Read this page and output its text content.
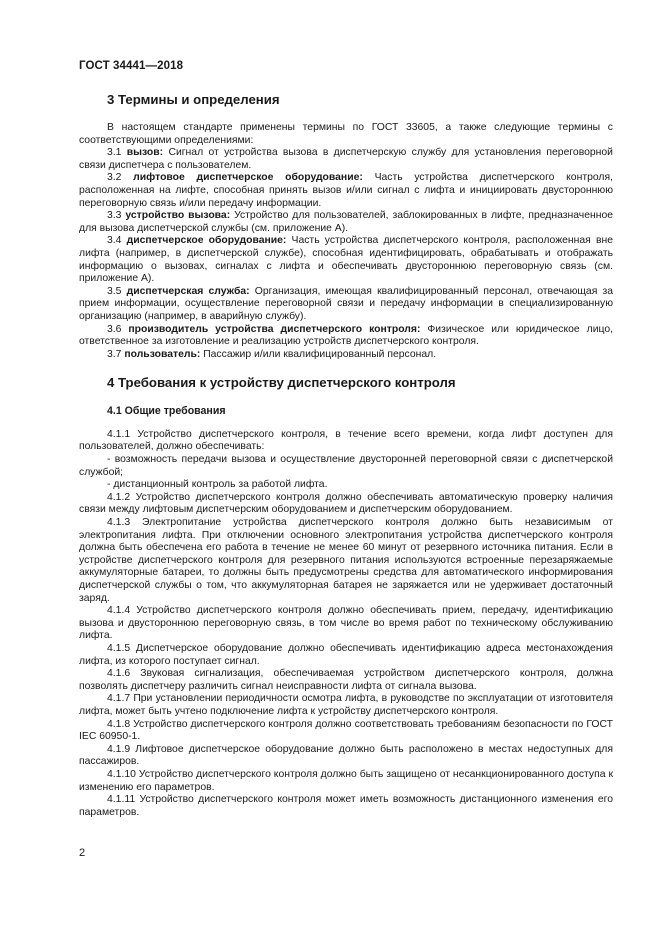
ГОСТ 34441—2018
3 Термины и определения

В настоящем стандарте применены термины по ГОСТ 33605, а также следующие термины с соответствующими определениями:

3.1 вызов: Сигнал от устройства вызова в диспетчерскую службу для установления переговорной связи диспетчера с пользователем.

3.2 лифтовое диспетчерское оборудование: Часть устройства диспетчерского контроля, расположенная на лифте, способная принять вызов и/или сигнал с лифта и инициировать двустороннюю переговорную связь и/или передачу информации.

3.3 устройство вызова: Устройство для пользователей, заблокированных в лифте, предназначенное для вызова диспетчерской службы (см. приложение А).

3.4 диспетчерское оборудование: Часть устройства диспетчерского контроля, расположенная вне лифта (например, в диспетчерской службе), способная идентифицировать, обрабатывать и отображать информацию о вызовах, сигналах с лифта и обеспечивать двустороннюю переговорную связь (см. приложение А).

3.5 диспетчерская служба: Организация, имеющая квалифицированный персонал, отвечающая за прием информации, осуществление переговорной связи и передачу информации в специализированную организацию (например, в аварийную службу).

3.6 производитель устройства диспетчерского контроля: Физическое или юридическое лицо, ответственное за изготовление и реализацию устройств диспетчерского контроля.

3.7 пользователь: Пассажир и/или квалифицированный персонал.

4 Требования к устройству диспетчерского контроля
4.1 Общие требования

4.1.1 Устройство диспетчерского контроля, в течение всего времени, когда лифт доступен для пользователей, должно обеспечивать:

- возможность передачи вызова и осуществление двусторонней переговорной связи с диспетчерской службой;

- дистанционный контроль за работой лифта.

4.1.2 Устройство диспетчерского контроля должно обеспечивать автоматическую проверку наличия связи между лифтовым диспетчерским оборудованием и диспетчерским оборудованием.

4.1.3 Электропитание устройства диспетчерского контроля должно быть независимым от электропитания лифта. При отключении основного электропитания устройства диспетчерского контроля должна быть обеспечена его работа в течение не менее 60 минут от резервного источника питания. Если в устройстве диспетчерского контроля для резервного питания используются встроенные перезаряжаемые аккумуляторные батареи, то должны быть предусмотрены средства для автоматического информирования диспетчерской службы о том, что аккумуляторная батарея не заряжается или не удерживает достаточный заряд.

4.1.4 Устройство диспетчерского контроля должно обеспечивать прием, передачу, идентификацию вызова и двустороннюю переговорную связь, в том числе во время работ по техническому обслуживанию лифта.

4.1.5 Диспетчерское оборудование должно обеспечивать идентификацию адреса местонахождения лифта, из которого поступает сигнал.

4.1.6 Звуковая сигнализация, обеспечиваемая устройством диспетчерского контроля, должна позволять диспетчеру различить сигнал неисправности лифта от сигнала вызова.

4.1.7 При установлении периодичности осмотра лифта, в руководстве по эксплуатации от изготовителя лифта, может быть учтено подключение лифта к устройству диспетчерского контроля.

4.1.8 Устройство диспетчерского контроля должно соответствовать требованиям безопасности по ГОСТ IEC 60950-1.

4.1.9 Лифтовое диспетчерское оборудование должно быть расположено в местах недоступных для пассажиров.

4.1.10 Устройство диспетчерского контроля должно быть защищено от несанкционированного доступа к изменению его параметров.

4.1.11 Устройство диспетчерского контроля может иметь возможность дистанционного изменения его параметров.

2
